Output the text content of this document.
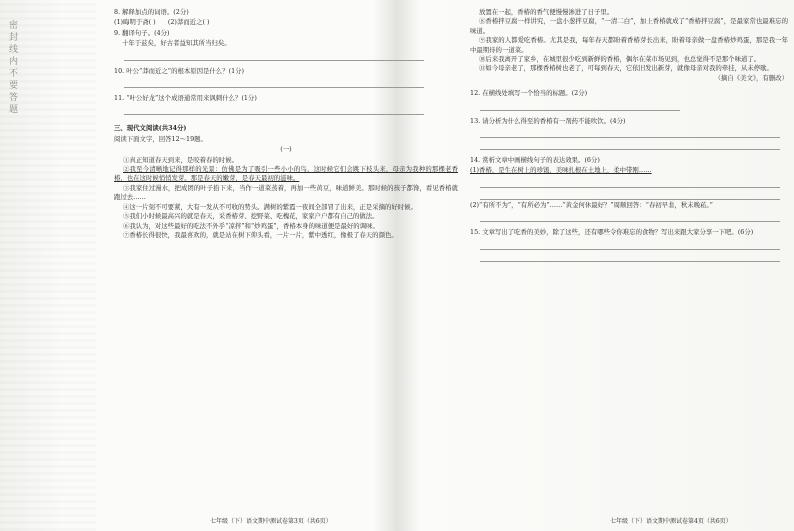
密封线内不要答题

8. 解释加点的词语。(2分)

(1)晦明于斋( ) (2)莽而近之( )

9. 翻译句子。(4分)

十年于兹矣，好古者益知其所当归矣。

10. 叶公“莽而近之”的根本原因是什么？(1分)

11. “叶公好龙”这个成语通常用来讽刺什么？(1分)

三、现代文阅读(共34分)

阅读下面文字，回答12～19题。

(一)

①真正知道春天到来，是咬着春的时候。

②我至今清晰地记得那样的光景：仿佛是为了吸引一些小小的鸟，这时候它们会跳下枝头来，母亲为我种的那棵老香椿，也在这时候悄悄发芽。那是春天的嫩芽，是春天最初的滋味。

③我家住过漫水，把成团的叶子掐下来，当作一道菜蒸着，再加一些黄豆，味道鲜美。那时候的孩子都馋，看见香椿就跑过去……

④这一片刻不可要紧，大有一发从不可收的势头。满树的紫霞一夜间全部冒了出来，正是采摘的好时候。

⑤我们小时候最高兴的就是春天，采香椿芽、挖野菜、吃槐花，家家户户都有自己的做法。

⑥我认为，对这些最好的吃法不外乎“凉拌”和“炒鸡蛋”，香椿本身的味道便是最好的调味。

⑦香椿长得很快，我最喜欢的，就是站在树下仰头看，一片一片，紫中透红，像极了春天的颜色。

七年级（下）语文期中测试卷第3页（共6页）

放置在一起，香椿的香气便慢慢渗进了日子里。

⑧香椿拌豆腐一样讲究，一盘小葱拌豆腐，“一清二白”，加上香椿就成了“香椿拌豆腐”，是最家常也最难忘的味道。

⑨我家的人都爱吃香椿。尤其是我，每年春天都盼着香椿芽长出来，盼着母亲做一盘香椿炒鸡蛋，那是我一年中最期待的一道菜。

⑩后来我离开了家乡，在城里很少吃到新鲜的香椿，偶尔在菜市场见到，也总觉得不是那个味道了。

⑪如今母亲老了，那棵香椿树也老了，可每到春天，它依旧发出新芽，就像母亲对我的牵挂，从未停歇。

（摘自《美文》，有删改）

12. 在横线处填写一个恰当的标题。(2分)

13. 请分析为什么得至的香椿有一剂药不能吹饮。(4分)

14. 赏析文章中画横线句子的表达效果。(6分)

(1)香椿，是生在树上的珍馐，美味扎根在土地上，柔中带刚……

(2)“有所不为”，“有所必为”……“黄金何休最好？”周顺回答：“春初早韭，秋末晚菘。”

15. 文章写出了吃香的美妙，除了这些，还有哪些令你难忘的食物？写出来跟大家分享一下吧。(6分)

七年级（下）语文期中测试卷第4页（共6页）
